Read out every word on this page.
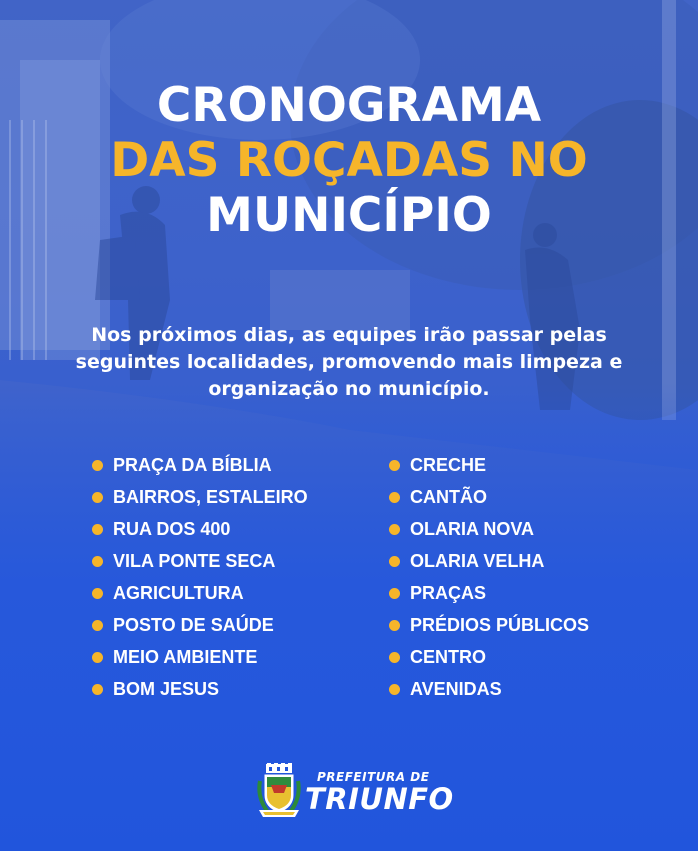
CRONOGRAMA
DAS ROÇADAS NO
MUNICÍPIO
Nos próximos dias, as equipes irão passar pelas seguintes localidades, promovendo mais limpeza e organização no município.
PRAÇA DA BÍBLIA
BAIRROS, ESTALEIRO
RUA DOS 400
VILA PONTE SECA
AGRICULTURA
POSTO DE SAÚDE
MEIO AMBIENTE
BOM JESUS
CRECHE
CANTÃO
OLARIA NOVA
OLARIA VELHA
PRAÇAS
PRÉDIOS PÚBLICOS
CENTRO
AVENIDAS
PREFEITURA DE
TRIUNFO
